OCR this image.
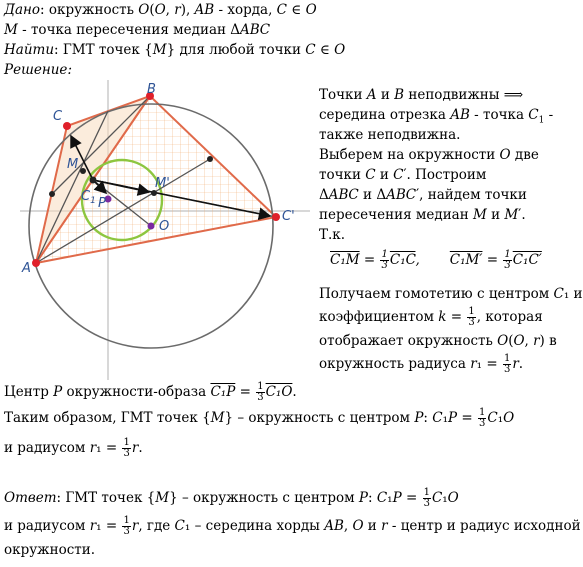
Дано: окружность 𝑂(𝑂, 𝑟), 𝐴𝐵 - хорда, 𝐶 ∈ 𝑂
𝑀 - точка пересечения медиан Δ𝐴𝐵𝐶
Найти: ГМТ точек {𝑀} для любой точки 𝐶 ∈ 𝑂
Решение:
A
B
C
C'
M
M'
$C_1$ P
O
Точки 𝐴 и 𝐵 неподвижны ⟹
середина отрезка 𝐴𝐵 - точка 𝐶$_1$ -
также неподвижна.
Выберем на окружности 𝑂 две
точки 𝐶 и 𝐶′. Построим
Δ𝐴𝐵𝐶 и Δ𝐴𝐵𝐶′, найдем точки
пересечения медиан 𝑀 и 𝑀′.
Т.к.
$C_1M = \frac{1}{3} C_1C$,       $C_1M' = \frac{1}{3} C_1C'$
Получаем гомотетию с центром 𝐶₁ и
коэффициентом 𝑘 = $\frac{1}{3}$ , которая
отображает окружность 𝑂(𝑂, 𝑟) в
окружность радиуса 𝑟₁ = $\frac{1}{3}$ 𝑟.
Центр 𝑃 окружности-образа $C_1P = \frac{1}{3} C_1O$.
Таким образом, ГМТ точек {𝑀} – окружность с центром 𝑃: 𝐶₁𝑃 = $\frac{1}{3}$ 𝐶₁𝑂
и радиусом 𝑟₁ = $\frac{1}{3}$ 𝑟.
Ответ: ГМТ точек {𝑀} – окружность с центром 𝑃: 𝐶₁𝑃 = $\frac{1}{3}$ 𝐶₁𝑂
и радиусом 𝑟₁ = $\frac{1}{3}$ 𝑟, где 𝐶₁ – середина хорды 𝐴𝐵, 𝑂 и 𝑟 - центр и радиус исходной
окружности.
